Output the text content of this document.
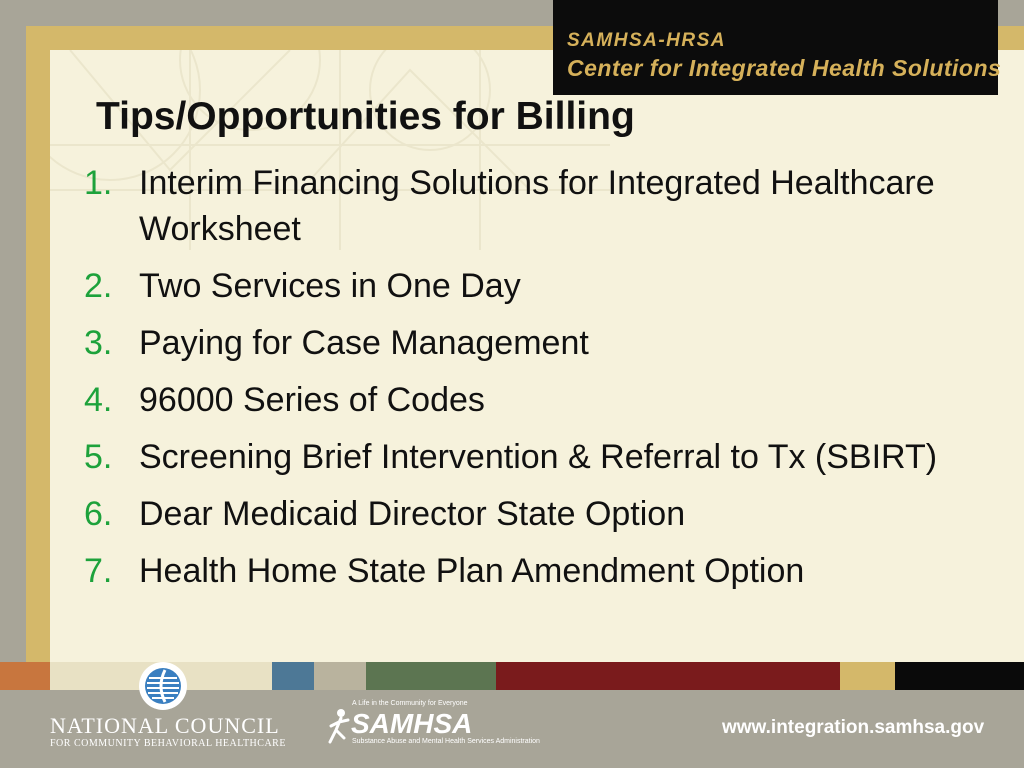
SAMHSA-HRSA
Center for Integrated Health Solutions
Tips/Opportunities for Billing
1. Interim Financing Solutions for Integrated Healthcare Worksheet
2. Two Services in One Day
3. Paying for Case Management
4. 96000 Series of Codes
5. Screening Brief Intervention & Referral to Tx (SBIRT)
6. Dear Medicaid Director State Option
7. Health Home State Plan Amendment Option
NATIONAL COUNCIL
FOR COMMUNITY BEHAVIORAL HEALTHCARE
A Life in the Community for Everyone
SAMHSA
Substance Abuse and Mental Health Services Administration
www.integration.samhsa.gov
